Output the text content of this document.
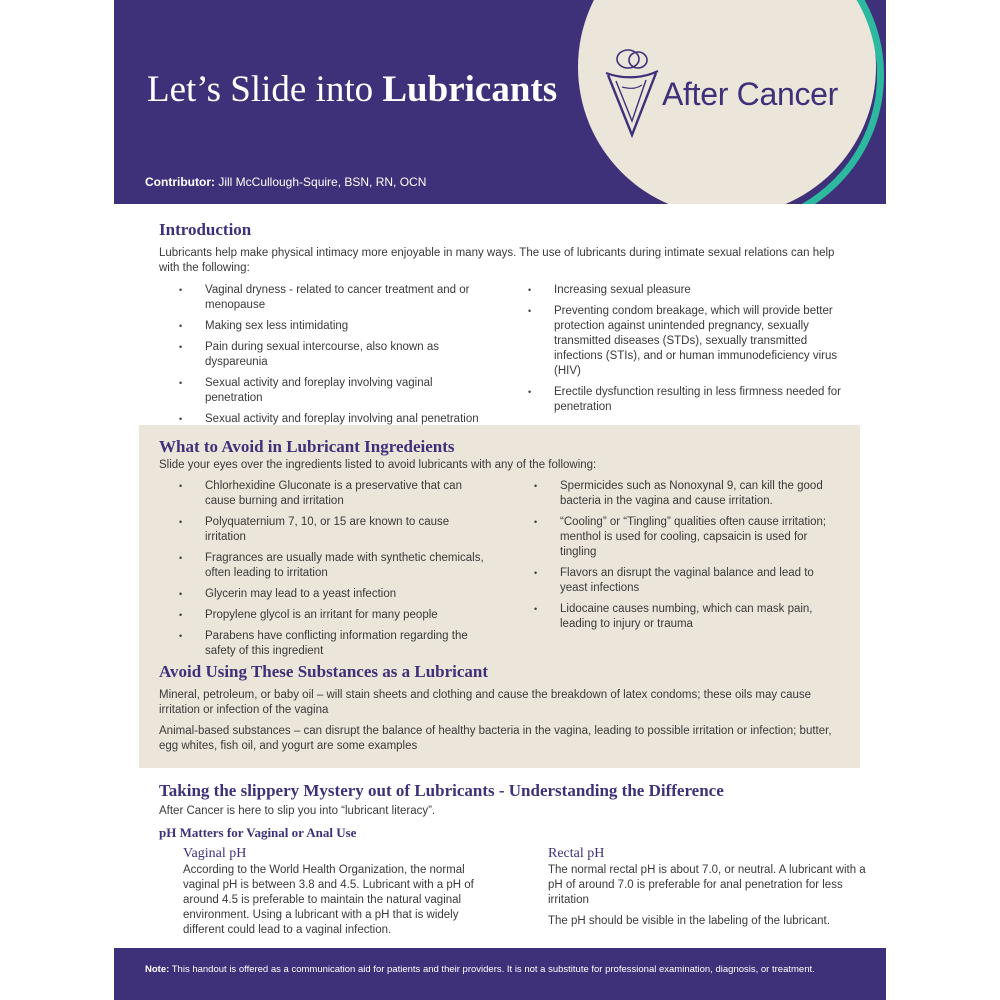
Let’s Slide into Lubricants
Contributor: Jill McCullough-Squire, BSN, RN, OCN
After Cancer
Introduction

Lubricants help make physical intimacy more enjoyable in many ways. The use of lubricants during intimate sexual relations can help with the following:

• Vaginal dryness - related to cancer treatment and or menopause
• Making sex less intimidating
• Pain during sexual intercourse, also known as dyspareunia
• Sexual activity and foreplay involving vaginal penetration
• Sexual activity and foreplay involving anal penetration
• Increasing sexual pleasure
• Preventing condom breakage, which will provide better protection against unintended pregnancy, sexually transmitted diseases (STDs), sexually transmitted infections (STIs), and or human immunodeficiency virus (HIV)
• Erectile dysfunction resulting in less firmness needed for penetration
What to Avoid in Lubricant Ingredeients

Slide your eyes over the ingredients listed to avoid lubricants with any of the following:

• Chlorhexidine Gluconate is a preservative that can cause burning and irritation
• Polyquaternium 7, 10, or 15 are known to cause irritation
• Fragrances are usually made with synthetic chemicals, often leading to irritation
• Glycerin may lead to a yeast infection
• Propylene glycol is an irritant for many people
• Parabens have conflicting information regarding the safety of this ingredient
• Spermicides such as Nonoxynal 9, can kill the good bacteria in the vagina and cause irritation.
• “Cooling” or “Tingling” qualities often cause irritation; menthol is used for cooling, capsaicin is used for tingling
• Flavors an disrupt the vaginal balance and lead to yeast infections
• Lidocaine causes numbing, which can mask pain, leading to injury or trauma
Avoid Using These Substances as a Lubricant

Mineral, petroleum, or baby oil – will stain sheets and clothing and cause the breakdown of latex condoms; these oils may cause irritation or infection of the vagina

Animal-based substances – can disrupt the balance of healthy bacteria in the vagina, leading to possible irritation or infection; butter, egg whites, fish oil, and yogurt are some examples

Taking the slippery Mystery out of Lubricants - Understanding the Difference

After Cancer is here to slip you into “lubricant literacy”.

pH Matters for Vaginal or Anal Use
Vaginal pH

According to the World Health Organization, the normal vaginal pH is between 3.8 and 4.5. Lubricant with a pH of around 4.5 is preferable to maintain the natural vaginal environment. Using a lubricant with a pH that is widely different could lead to a vaginal infection.

Rectal pH

The normal rectal pH is about 7.0, or neutral. A lubricant with a pH of around 7.0 is preferable for anal penetration for less irritation

The pH should be visible in the labeling of the lubricant.

Note: This handout is offered as a communication aid for patients and their providers. It is not a substitute for professional examination, diagnosis, or treatment.
